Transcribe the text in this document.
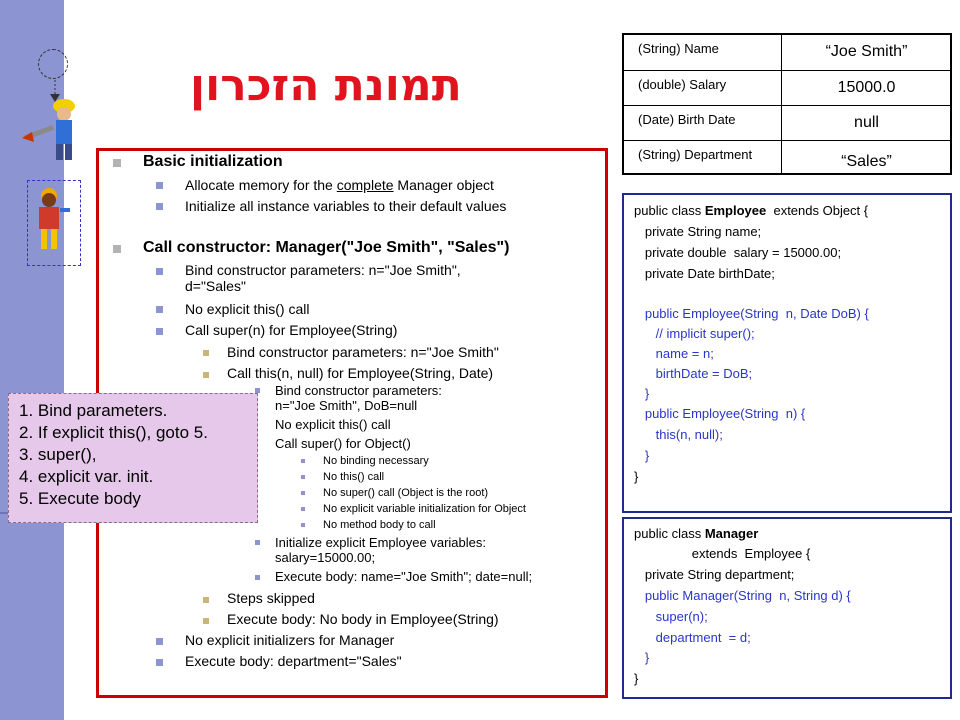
תמונת הזכרון
Basic initialization
Allocate memory for the complete Manager object
Initialize all instance variables to their default values
Call constructor: Manager("Joe Smith", "Sales")
Bind constructor parameters: n="Joe Smith",
d="Sales"
No explicit this() call
Call super(n) for Employee(String)
Bind constructor parameters: n="Joe Smith"
Call this(n, null) for Employee(String, Date)
Bind constructor parameters:
n="Joe Smith", DoB=null
No explicit this() call
Call super() for Object()
No binding necessary
No this() call
No super() call (Object is the root)
No explicit variable initialization for Object
No method body to call
Initialize explicit Employee variables:
salary=15000.00;
Execute body: name="Joe Smith"; date=null;
Steps skipped
Execute body: No body in Employee(String)
No explicit initializers for Manager
Execute body: department="Sales"
1. Bind parameters.
2. If explicit this(), goto 5.
3. super(),
4. explicit var. init.
5. Execute body
(String) Name	“Joe Smith”
(double) Salary	15000.0
(Date) Birth Date	null
(String) Department	“Sales”
public class Employee  extends Object {
private String name;
private double  salary = 15000.00;
private Date birthDate;
public Employee(String  n, Date DoB) {
// implicit super();
name = n;
birthDate = DoB;
}
public Employee(String  n) {
this(n, null);
}
}
public class Manager
extends  Employee {
private String department;
public Manager(String  n, String d) {
super(n);
department  = d;
}
}
